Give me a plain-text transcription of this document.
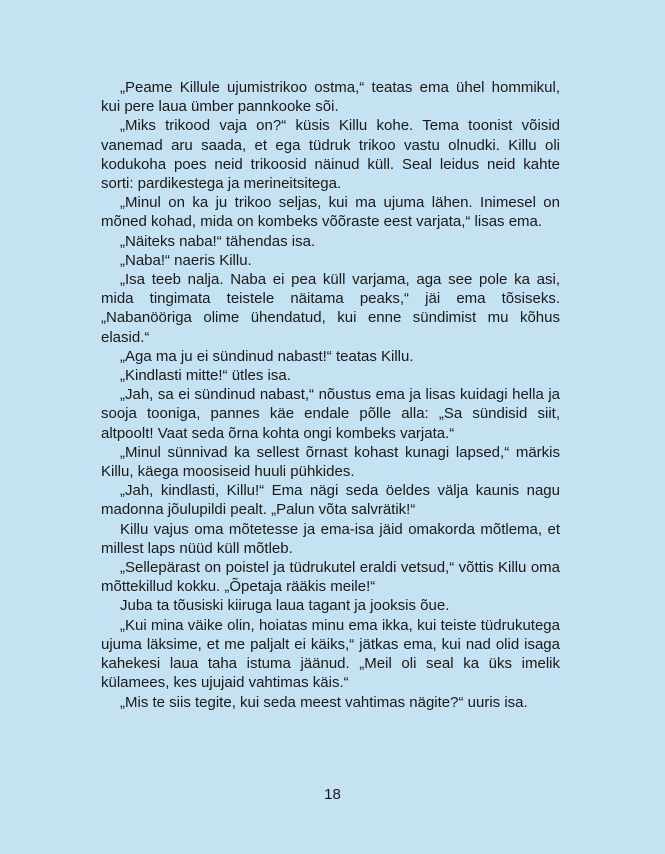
„Peame Killule ujumistrikoo ostma,“ teatas ema ühel hommikul, kui pere laua ümber pannkooke sõi.

„Miks trikood vaja on?“ küsis Killu kohe. Tema toonist võisid vanemad aru saada, et ega tüdruk trikoo vastu olnudki. Killu oli kodukoha poes neid trikoosid näinud küll. Seal leidus neid kahte sorti: pardikestega ja merineitsitega.

„Minul on ka ju trikoo seljas, kui ma ujuma lähen. Inimesel on mõned kohad, mida on kombeks võõraste eest varjata,“ lisas ema.

„Näiteks naba!“ tähendas isa.

„Naba!“ naeris Killu.

„Isa teeb nalja. Naba ei pea küll varjama, aga see pole ka asi, mida tingimata teistele näitama peaks,“ jäi ema tõsiseks. „Nabanööriga olime ühendatud, kui enne sündimist mu kõhus elasid.“

„Aga ma ju ei sündinud nabast!“ teatas Killu.

„Kindlasti mitte!“ ütles isa.

„Jah, sa ei sündinud nabast,“ nõustus ema ja lisas kuidagi hella ja sooja tooniga, pannes käe endale põlle alla: „Sa sündisid siit, altpoolt! Vaat seda õrna kohta ongi kombeks varjata.“

„Minul sünnivad ka sellest õrnast kohast kunagi lapsed,“ märkis Killu, käega moosiseid huuli pühkides.

„Jah, kindlasti, Killu!“ Ema nägi seda öeldes välja kaunis nagu madonna jõulupildi pealt. „Palun võta salvrätik!“

Killu vajus oma mõtetesse ja ema-isa jäid omakorda mõtlema, et millest laps nüüd küll mõtleb.

„Sellepärast on poistel ja tüdrukutel eraldi vetsud,“ võttis Killu oma mõttekillud kokku. „Õpetaja rääkis meile!“

Juba ta tõusiski kiiruga laua tagant ja jooksis õue.

„Kui mina väike olin, hoiatas minu ema ikka, kui teiste tüdrukutega ujuma läksime, et me paljalt ei käiks,“ jätkas ema, kui nad olid isaga kahekesi laua taha istuma jäänud. „Meil oli seal ka üks imelik külamees, kes ujujaid vahtimas käis.“

„Mis te siis tegite, kui seda meest vahtimas nägite?“ uuris isa.

18
